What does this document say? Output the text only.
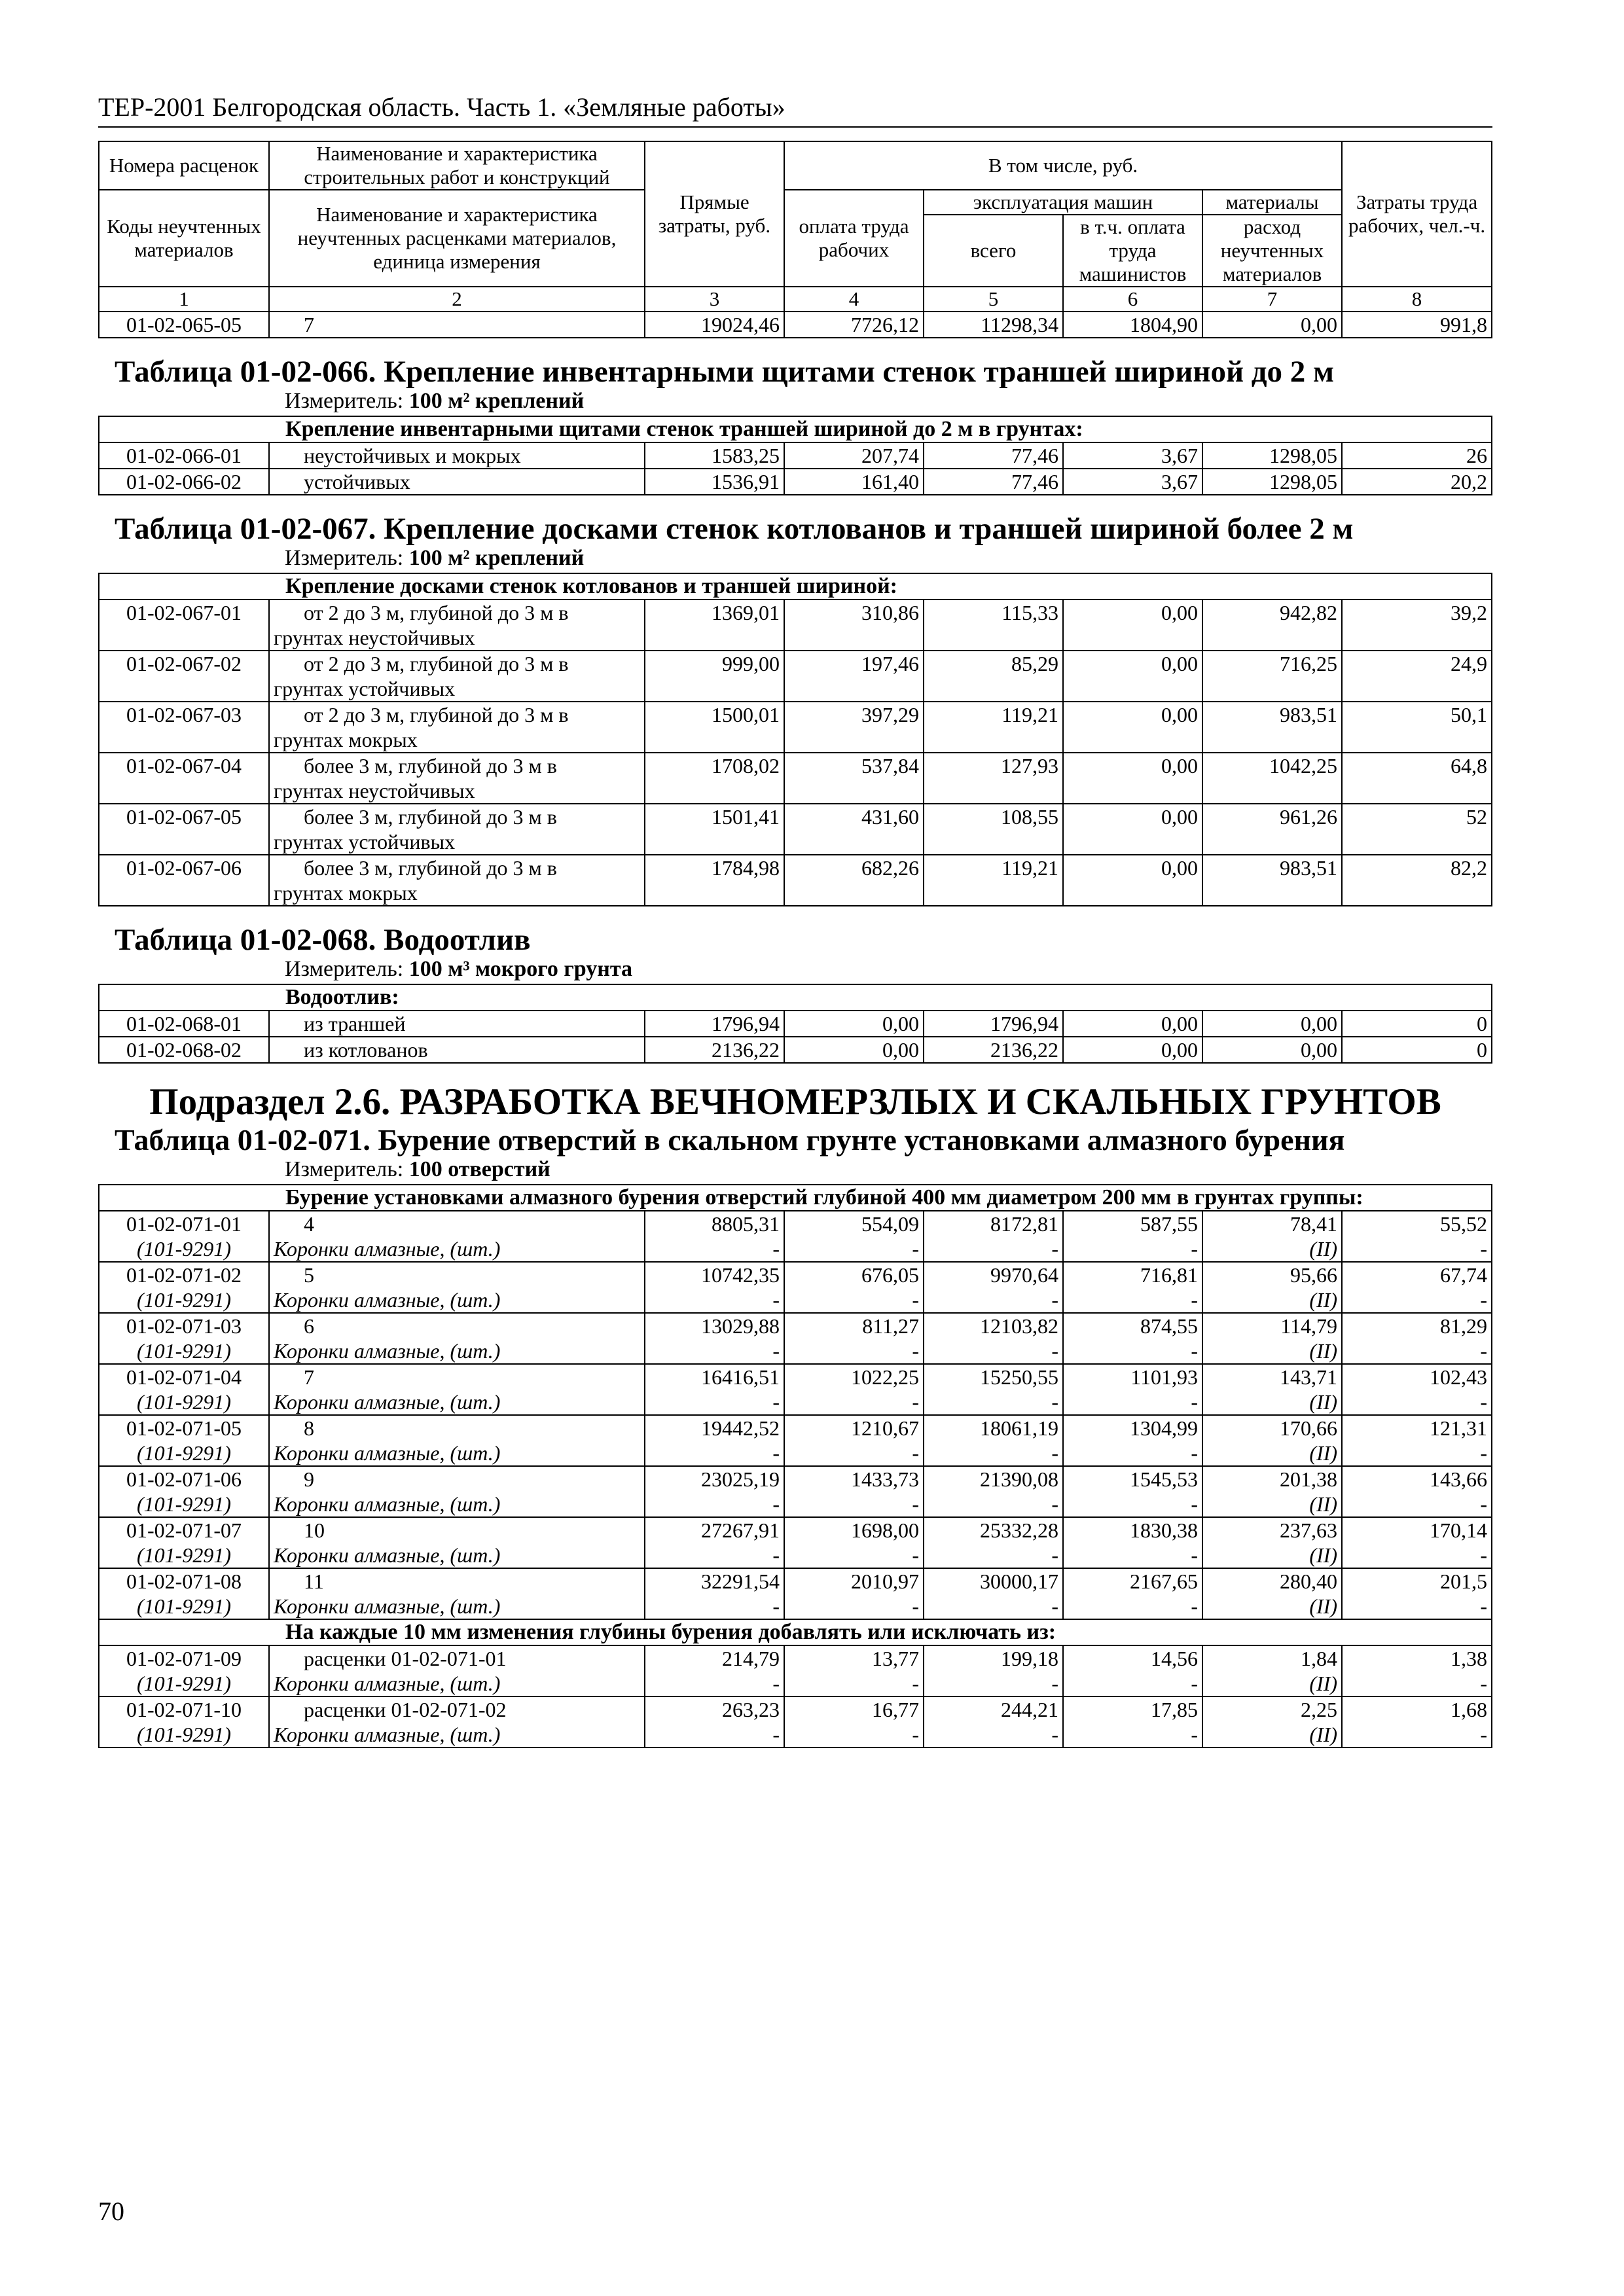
ТЕР-2001 Белгородская область. Часть 1. «Земляные работы»
Номера расценок	Наименование и характеристика строительных работ и конструкций	Прямые затраты, руб.	В том числе, руб.				Затраты труда рабочих, чел.-ч.
Коды неучтенных материалов	Наименование и характеристика неучтенных расценками материалов, единица измерения		оплата труда рабочих	эксплуатация машин		материалы	
				всего	в т.ч. оплата труда машинистов	расход неучтенных материалов	
1	2	3	4	5	6	7	8
01-02-065-05	7	19024,46	7726,12	11298,34	1804,90	0,00	991,8
Таблица 01-02-066. Крепление инвентарными щитами стенок траншей шириной до 2 м							
Измеритель: 100 м² креплений							
Крепление инвентарными щитами стенок траншей шириной до 2 м в грунтах:							
01-02-066-01	неустойчивых и мокрых	1583,25	207,74	77,46	3,67	1298,05	26
01-02-066-02	устойчивых	1536,91	161,40	77,46	3,67	1298,05	20,2
Таблица 01-02-067. Крепление досками стенок котлованов и траншей шириной более 2 м							
Измеритель: 100 м² креплений							
Крепление досками стенок котлованов и траншей шириной:							
01-02-067-01	от 2 до 3 м, глубиной до 3 м в
грунтах неустойчивых	1369,01	310,86	115,33	0,00	942,82	39,2
01-02-067-02	от 2 до 3 м, глубиной до 3 м в
грунтах устойчивых	999,00	197,46	85,29	0,00	716,25	24,9
01-02-067-03	от 2 до 3 м, глубиной до 3 м в
грунтах мокрых	1500,01	397,29	119,21	0,00	983,51	50,1
01-02-067-04	более 3 м, глубиной до 3 м в
грунтах неустойчивых	1708,02	537,84	127,93	0,00	1042,25	64,8
01-02-067-05	более 3 м, глубиной до 3 м в
грунтах устойчивых	1501,41	431,60	108,55	0,00	961,26	52
01-02-067-06	более 3 м, глубиной до 3 м в
грунтах мокрых	1784,98	682,26	119,21	0,00	983,51	82,2
Таблица 01-02-068. Водоотлив							
Измеритель: 100 м³ мокрого грунта							
Водоотлив:							
01-02-068-01	из траншей	1796,94	0,00	1796,94	0,00	0,00	0
01-02-068-02	из котлованов	2136,22	0,00	2136,22	0,00	0,00	0
Подраздел 2.6. РАЗРАБОТКА ВЕЧНОМЕРЗЛЫХ И СКАЛЬНЫХ ГРУНТОВ							
Таблица 01-02-071. Бурение отверстий в скальном грунте установками алмазного бурения							
Измеритель: 100 отверстий							
Бурение установками алмазного бурения отверстий глубиной 400 мм диаметром 200 мм в грунтах группы:							
01-02-071-01	4	8805,31	554,09	8172,81	587,55	78,41	55,52
(101-9291)	Коронки алмазные, (шт.)	-	-	-	-	(II)	-
01-02-071-02	5	10742,35	676,05	9970,64	716,81	95,66	67,74
(101-9291)	Коронки алмазные, (шт.)	-	-	-	-	(II)	-
01-02-071-03	6	13029,88	811,27	12103,82	874,55	114,79	81,29
(101-9291)	Коронки алмазные, (шт.)	-	-	-	-	(II)	-
01-02-071-04	7	16416,51	1022,25	15250,55	1101,93	143,71	102,43
(101-9291)	Коронки алмазные, (шт.)	-	-	-	-	(II)	-
01-02-071-05	8	19442,52	1210,67	18061,19	1304,99	170,66	121,31
(101-9291)	Коронки алмазные, (шт.)	-	-	-	-	(II)	-
01-02-071-06	9	23025,19	1433,73	21390,08	1545,53	201,38	143,66
(101-9291)	Коронки алмазные, (шт.)	-	-	-	-	(II)	-
01-02-071-07	10	27267,91	1698,00	25332,28	1830,38	237,63	170,14
(101-9291)	Коронки алмазные, (шт.)	-	-	-	-	(II)	-
01-02-071-08	11	32291,54	2010,97	30000,17	2167,65	280,40	201,5
(101-9291)	Коронки алмазные, (шт.)	-	-	-	-	(II)	-
На каждые 10 мм изменения глубины бурения добавлять или исключать из:							
01-02-071-09	расценки 01-02-071-01	214,79	13,77	199,18	14,56	1,84	1,38
(101-9291)	Коронки алмазные, (шт.)	-	-	-	-	(II)	-
01-02-071-10	расценки 01-02-071-02	263,23	16,77	244,21	17,85	2,25	1,68
(101-9291)	Коронки алмазные, (шт.)	-	-	-	-	(II)	-
70
